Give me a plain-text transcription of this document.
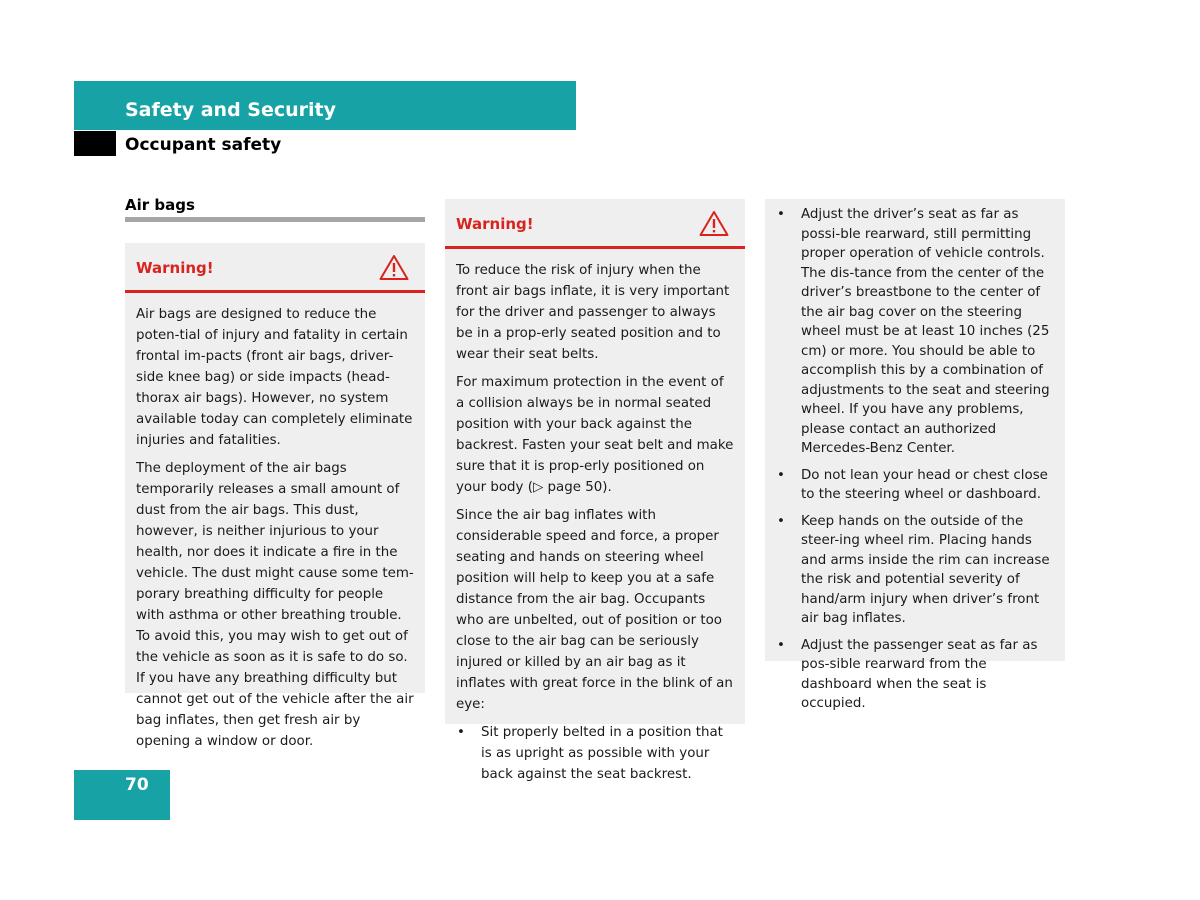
Safety and Security
Occupant safety
Air bags
Warning!

Air bags are designed to reduce the poten-tial of injury and fatality in certain frontal im-pacts (front air bags, driver-side knee bag) or side impacts (head-thorax air bags). However, no system available today can completely eliminate injuries and fatalities.

The deployment of the air bags temporarily releases a small amount of dust from the air bags. This dust, however, is neither injurious to your health, nor does it indicate a fire in the vehicle. The dust might cause some tem-porary breathing difficulty for people with asthma or other breathing trouble. To avoid this, you may wish to get out of the vehicle as soon as it is safe to do so. If you have any breathing difficulty but cannot get out of the vehicle after the air bag inflates, then get fresh air by opening a window or door.

Warning!

To reduce the risk of injury when the front air bags inflate, it is very important for the driver and passenger to always be in a prop-erly seated position and to wear their seat belts.

For maximum protection in the event of a collision always be in normal seated position with your back against the backrest. Fasten your seat belt and make sure that it is prop-erly positioned on your body (▷ page 50).

Since the air bag inflates with considerable speed and force, a proper seating and hands on steering wheel position will help to keep you at a safe distance from the air bag. Occupants who are unbelted, out of position or too close to the air bag can be seriously injured or killed by an air bag as it inflates with great force in the blink of an eye:

• Sit properly belted in a position that is as upright as possible with your back against the seat backrest.
• Adjust the driver’s seat as far as possi-ble rearward, still permitting proper operation of vehicle controls. The dis-tance from the center of the driver’s breastbone to the center of the air bag cover on the steering wheel must be at least 10 inches (25 cm) or more. You should be able to accomplish this by a combination of adjustments to the seat and steering wheel. If you have any problems, please contact an authorized Mercedes-Benz Center.
• Do not lean your head or chest close to the steering wheel or dashboard.
• Keep hands on the outside of the steer-ing wheel rim. Placing hands and arms inside the rim can increase the risk and potential severity of hand/arm injury when driver’s front air bag inflates.
• Adjust the passenger seat as far as pos-sible rearward from the dashboard when the seat is occupied.
70
